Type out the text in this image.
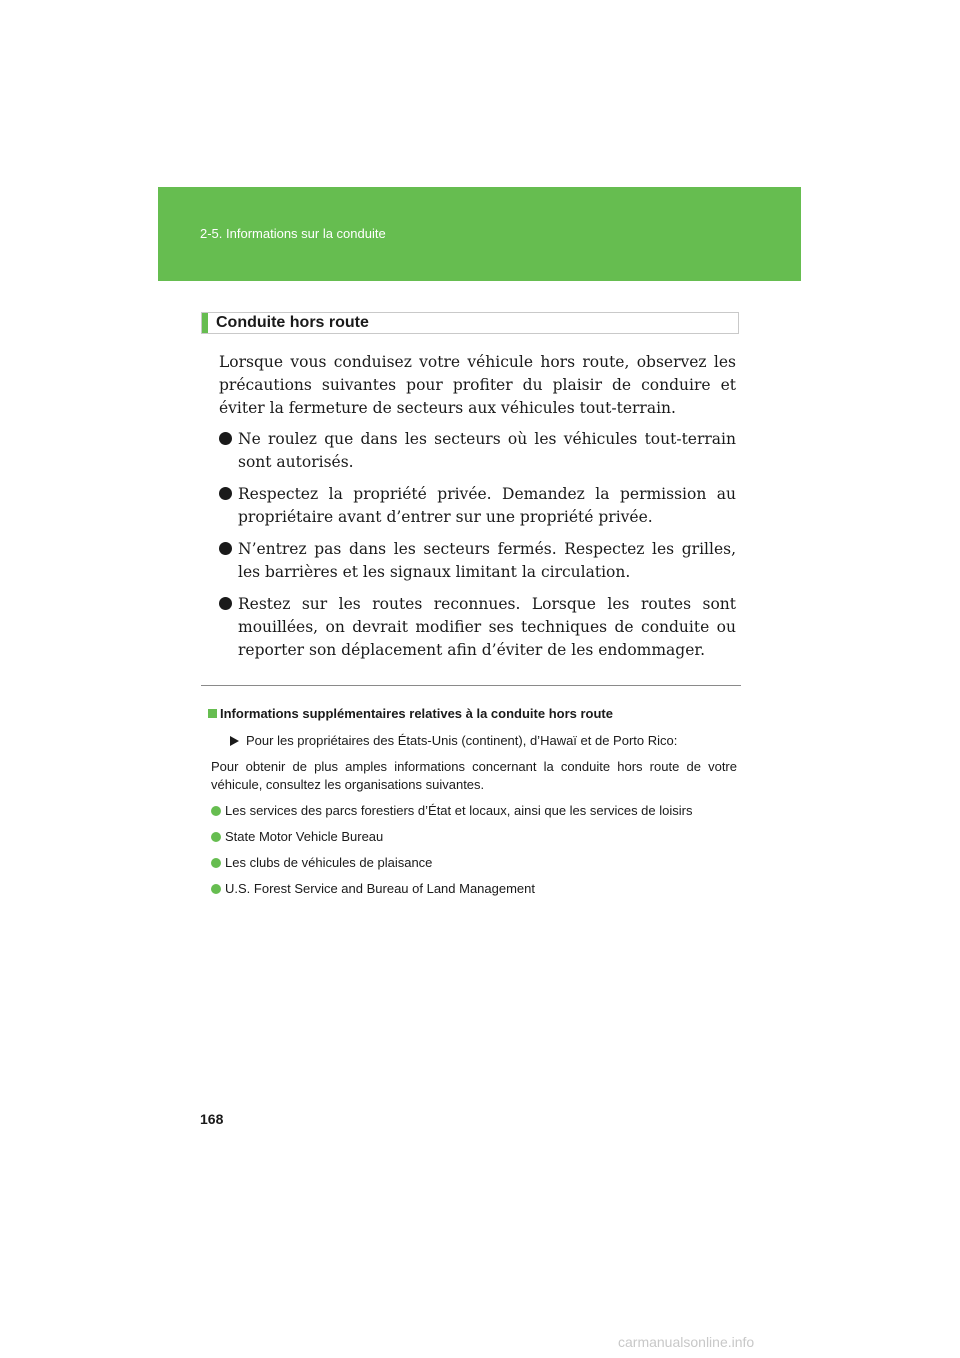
2-5. Informations sur la conduite
Conduite hors route
Lorsque vous conduisez votre véhicule hors route, observez les précautions suivantes pour profiter du plaisir de conduire et éviter la fermeture de secteurs aux véhicules tout-terrain.
Ne roulez que dans les secteurs où les véhicules tout-terrain sont autorisés.
Respectez la propriété privée. Demandez la permission au propriétaire avant d’entrer sur une propriété privée.
N’entrez pas dans les secteurs fermés. Respectez les grilles, les barrières et les signaux limitant la circulation.
Restez sur les routes reconnues. Lorsque les routes sont mouillées, on devrait modifier ses techniques de conduite ou reporter son déplacement afin d’éviter de les endommager.
Informations supplémentaires relatives à la conduite hors route
Pour les propriétaires des États-Unis (continent), d’Hawaï et de Porto Rico:
Pour obtenir de plus amples informations concernant la conduite hors route de votre véhicule, consultez les organisations suivantes.
Les services des parcs forestiers d’État et locaux, ainsi que les services de loisirs
State Motor Vehicle Bureau
Les clubs de véhicules de plaisance
U.S. Forest Service and Bureau of Land Management
168
carmanualsonline.info
